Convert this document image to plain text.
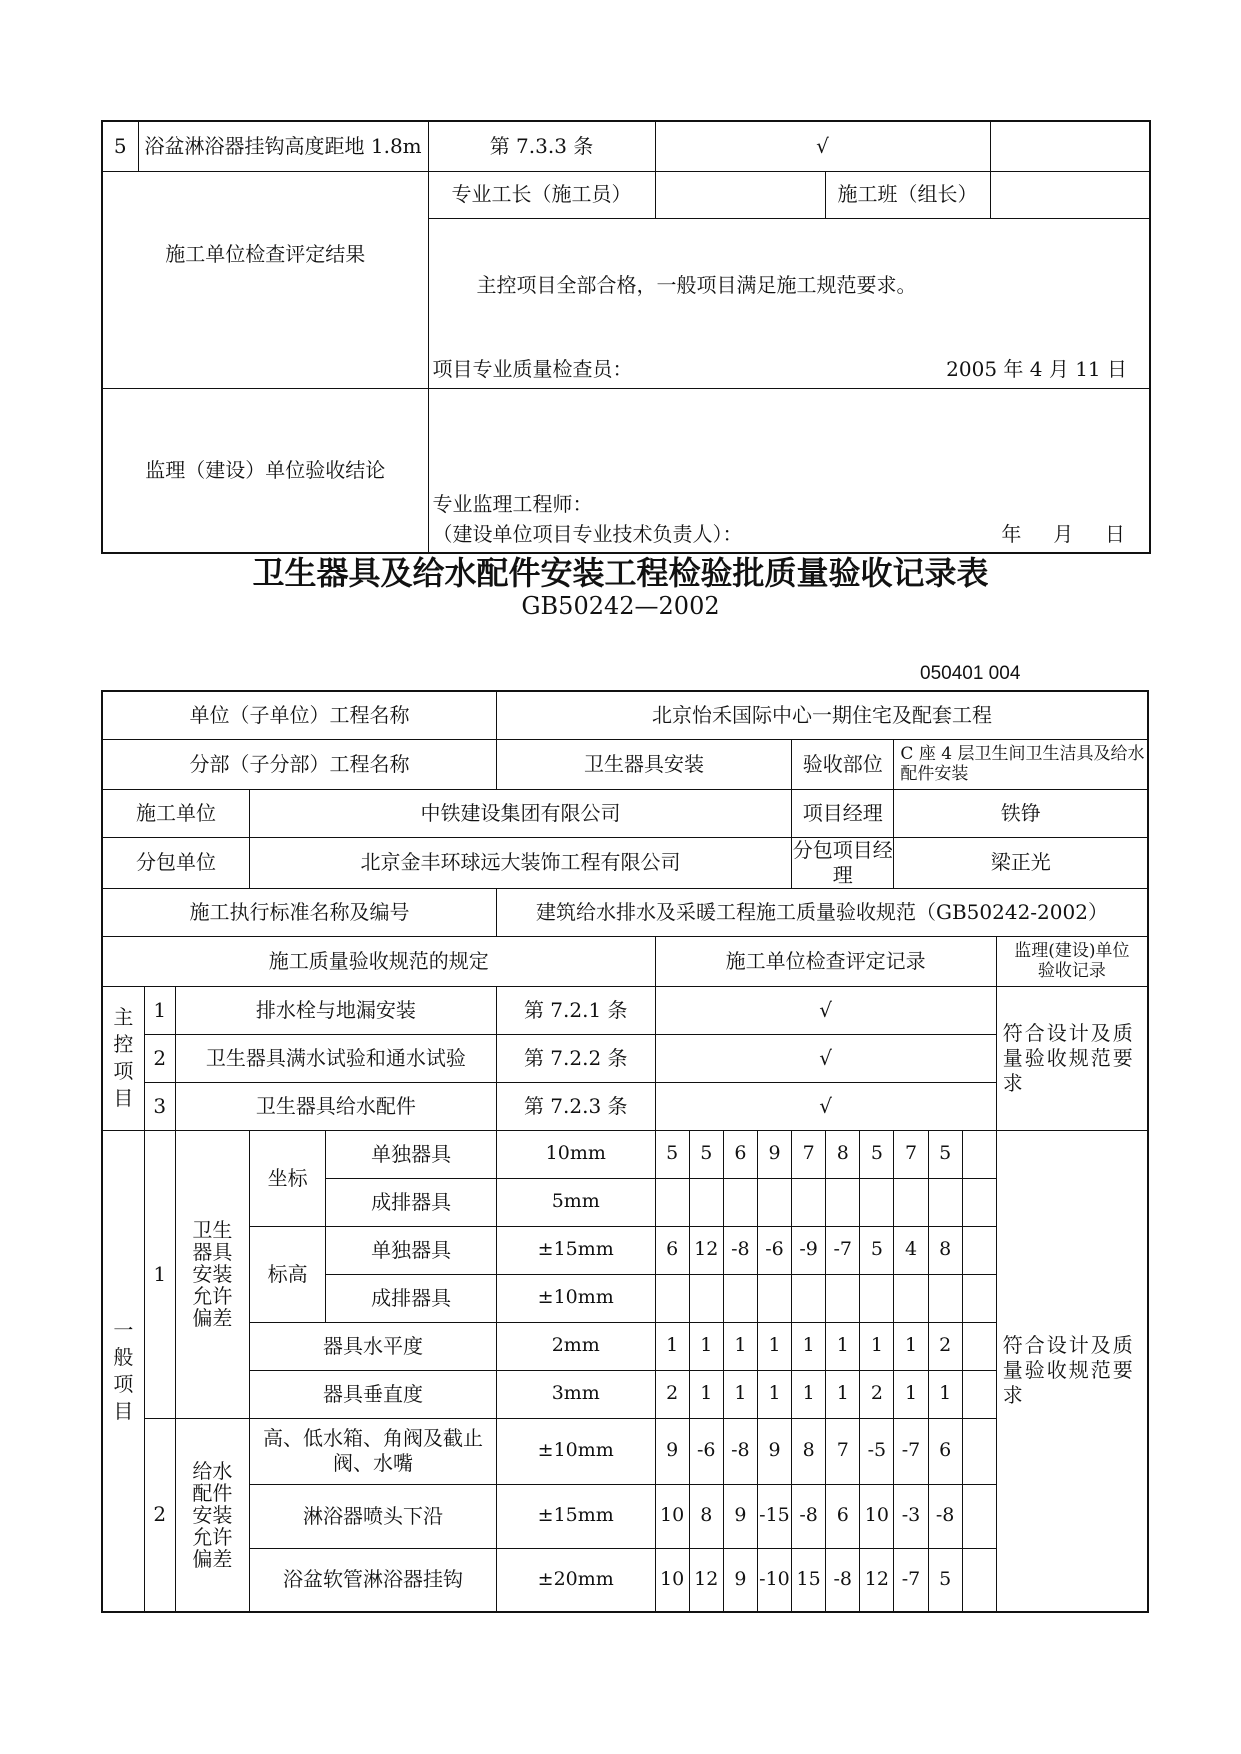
5	浴盆淋浴器挂钩高度距地 1.8m	第 7.3.3 条	√		
施工单位检查评定结果		专业工长（施工员）		施工班（组长）	

		主控项目全部合格，一般项目满足施工规范要求。
项目专业质量检查员： 2005 年 4 月 11 日			

监理（建设）单位验收结论		专业监理工程师：
（建设单位项目专业技术负责人）： 年     月     日			
卫生器具及给水配件安装工程检验批质量验收记录表
GB50242—2002
050401 004
单位（子单位）工程名称					北京怡禾国际中心一期住宅及配套工程											
分部（子分部）工程名称					卫生器具安装					验收部位			C 座 4 层卫生间卫生洁具及给水配件安装			
施工单位			中铁建设集团有限公司							项目经理			铁铮			
分包单位			北京金丰环球远大装饰工程有限公司							分包项目经理			梁正光			
施工执行标准名称及编号					建筑给水排水及采暖工程施工质量验收规范（GB50242-2002）											
施工质量验收规范的规定						施工单位检查评定记录										监理(建设)单位验收记录
主控项目	1	排水栓与地漏安装			第 7.2.1 条	√										符合设计及质量验收规范要求
	2	卫生器具满水试验和通水试验			第 7.2.2 条	√										
	3	卫生器具给水配件			第 7.2.3 条	√										
一般项目	1	卫生器具安装允许偏差	坐标	单独器具	10mm	5	5	6	9	7	8	5	7	5		符合设计及质量验收规范要求
				成排器具	5mm											
			标高	单独器具	±15mm	6	12	-8	-6	-9	-7	5	4	8		
				成排器具	±10mm											
			器具水平度		2mm	1	1	1	1	1	1	1	1	2		
			器具垂直度		3mm	2	1	1	1	1	1	2	1	1		
	2	给水配件安装允许偏差	高、低水箱、角阀及截止阀、水嘴		±10mm	9	-6	-8	9	8	7	-5	-7	6		
			淋浴器喷头下沿		±15mm	10	8	9	-15	-8	6	10	-3	-8		
			浴盆软管淋浴器挂钩		±20mm	10	12	9	-10	15	-8	12	-7	5		
